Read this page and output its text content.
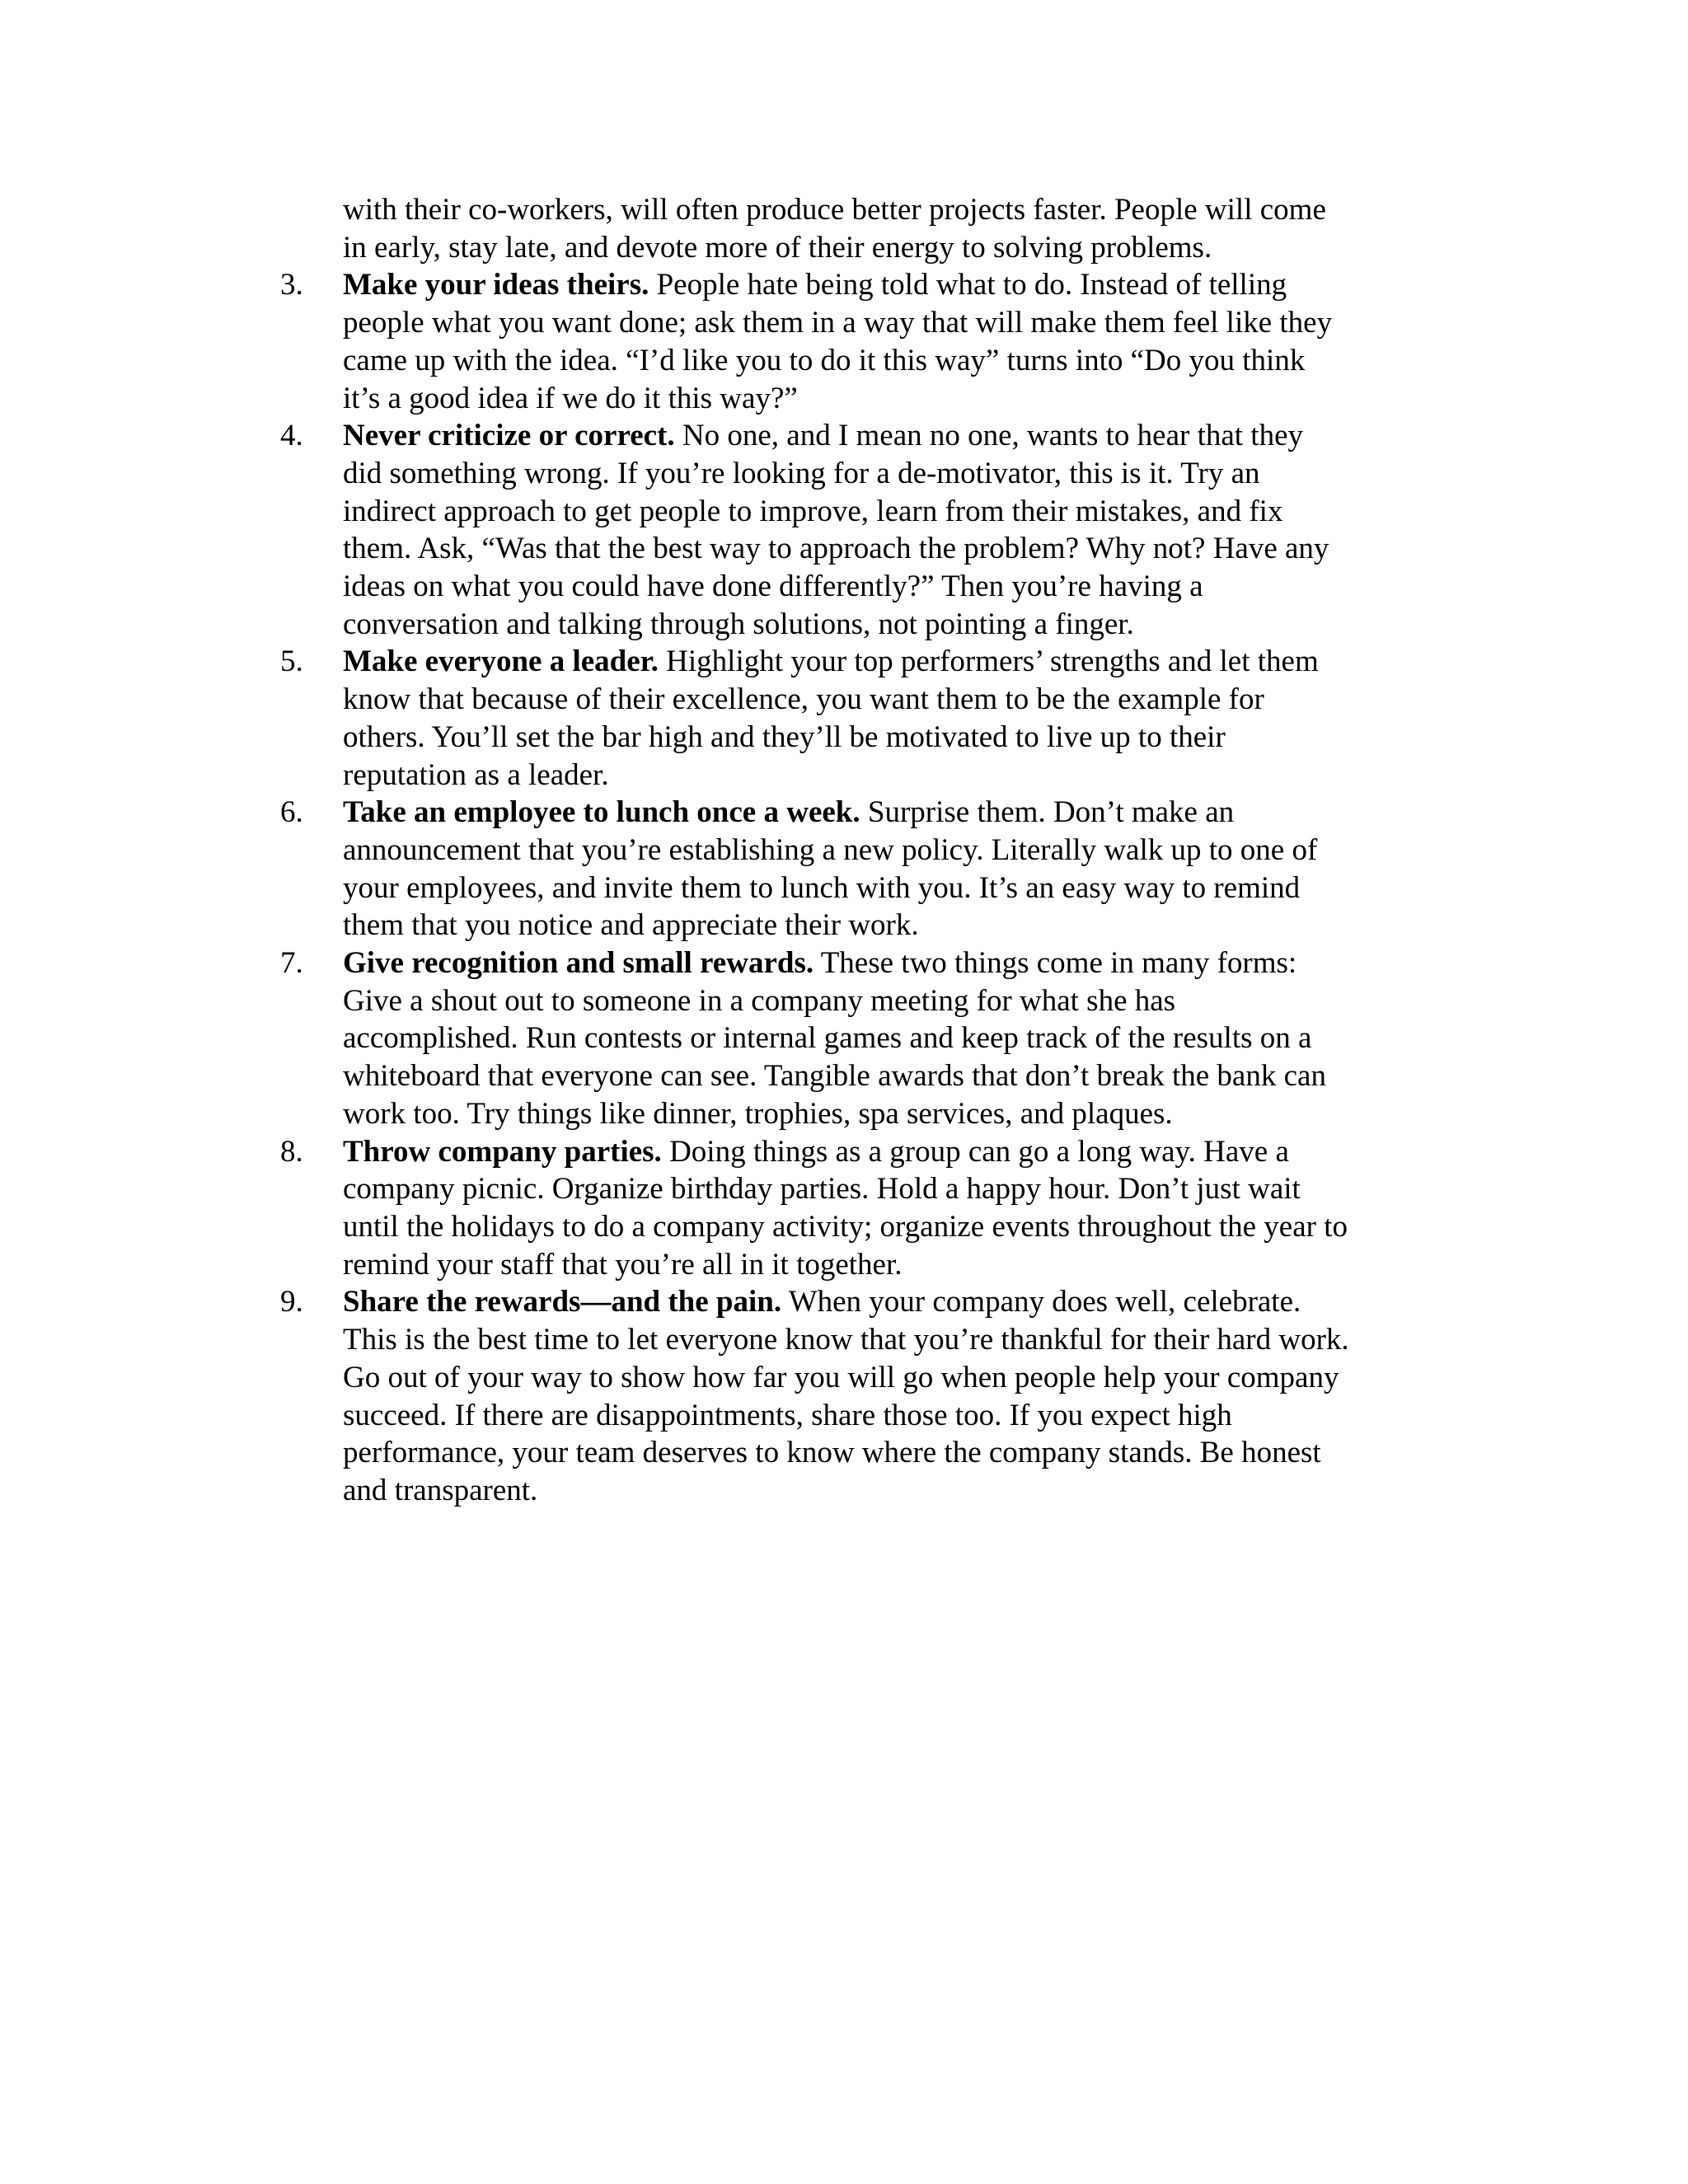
with their co-workers, will often produce better projects faster. People will come
in early, stay late, and devote more of their energy to solving problems.

3.	Make your ideas theirs. People hate being told what to do. Instead of telling
people what you want done; ask them in a way that will make them feel like they
came up with the idea. “I’d like you to do it this way” turns into “Do you think
it’s a good idea if we do it this way?”
4.	Never criticize or correct. No one, and I mean no one, wants to hear that they
did something wrong. If you’re looking for a de-motivator, this is it. Try an
indirect approach to get people to improve, learn from their mistakes, and fix
them. Ask, “Was that the best way to approach the problem? Why not? Have any
ideas on what you could have done differently?” Then you’re having a
conversation and talking through solutions, not pointing a finger.
5.	Make everyone a leader. Highlight your top performers’ strengths and let them
know that because of their excellence, you want them to be the example for
others. You’ll set the bar high and they’ll be motivated to live up to their
reputation as a leader.
6.	Take an employee to lunch once a week. Surprise them. Don’t make an
announcement that you’re establishing a new policy. Literally walk up to one of
your employees, and invite them to lunch with you. It’s an easy way to remind
them that you notice and appreciate their work.
7.	Give recognition and small rewards. These two things come in many forms:
Give a shout out to someone in a company meeting for what she has
accomplished. Run contests or internal games and keep track of the results on a
whiteboard that everyone can see. Tangible awards that don’t break the bank can
work too. Try things like dinner, trophies, spa services, and plaques.
8.	Throw company parties. Doing things as a group can go a long way. Have a
company picnic. Organize birthday parties. Hold a happy hour. Don’t just wait
until the holidays to do a company activity; organize events throughout the year to
remind your staff that you’re all in it together.
9.	Share the rewards—and the pain. When your company does well, celebrate.
This is the best time to let everyone know that you’re thankful for their hard work.
Go out of your way to show how far you will go when people help your company
succeed. If there are disappointments, share those too. If you expect high
performance, your team deserves to know where the company stands. Be honest
and transparent.
